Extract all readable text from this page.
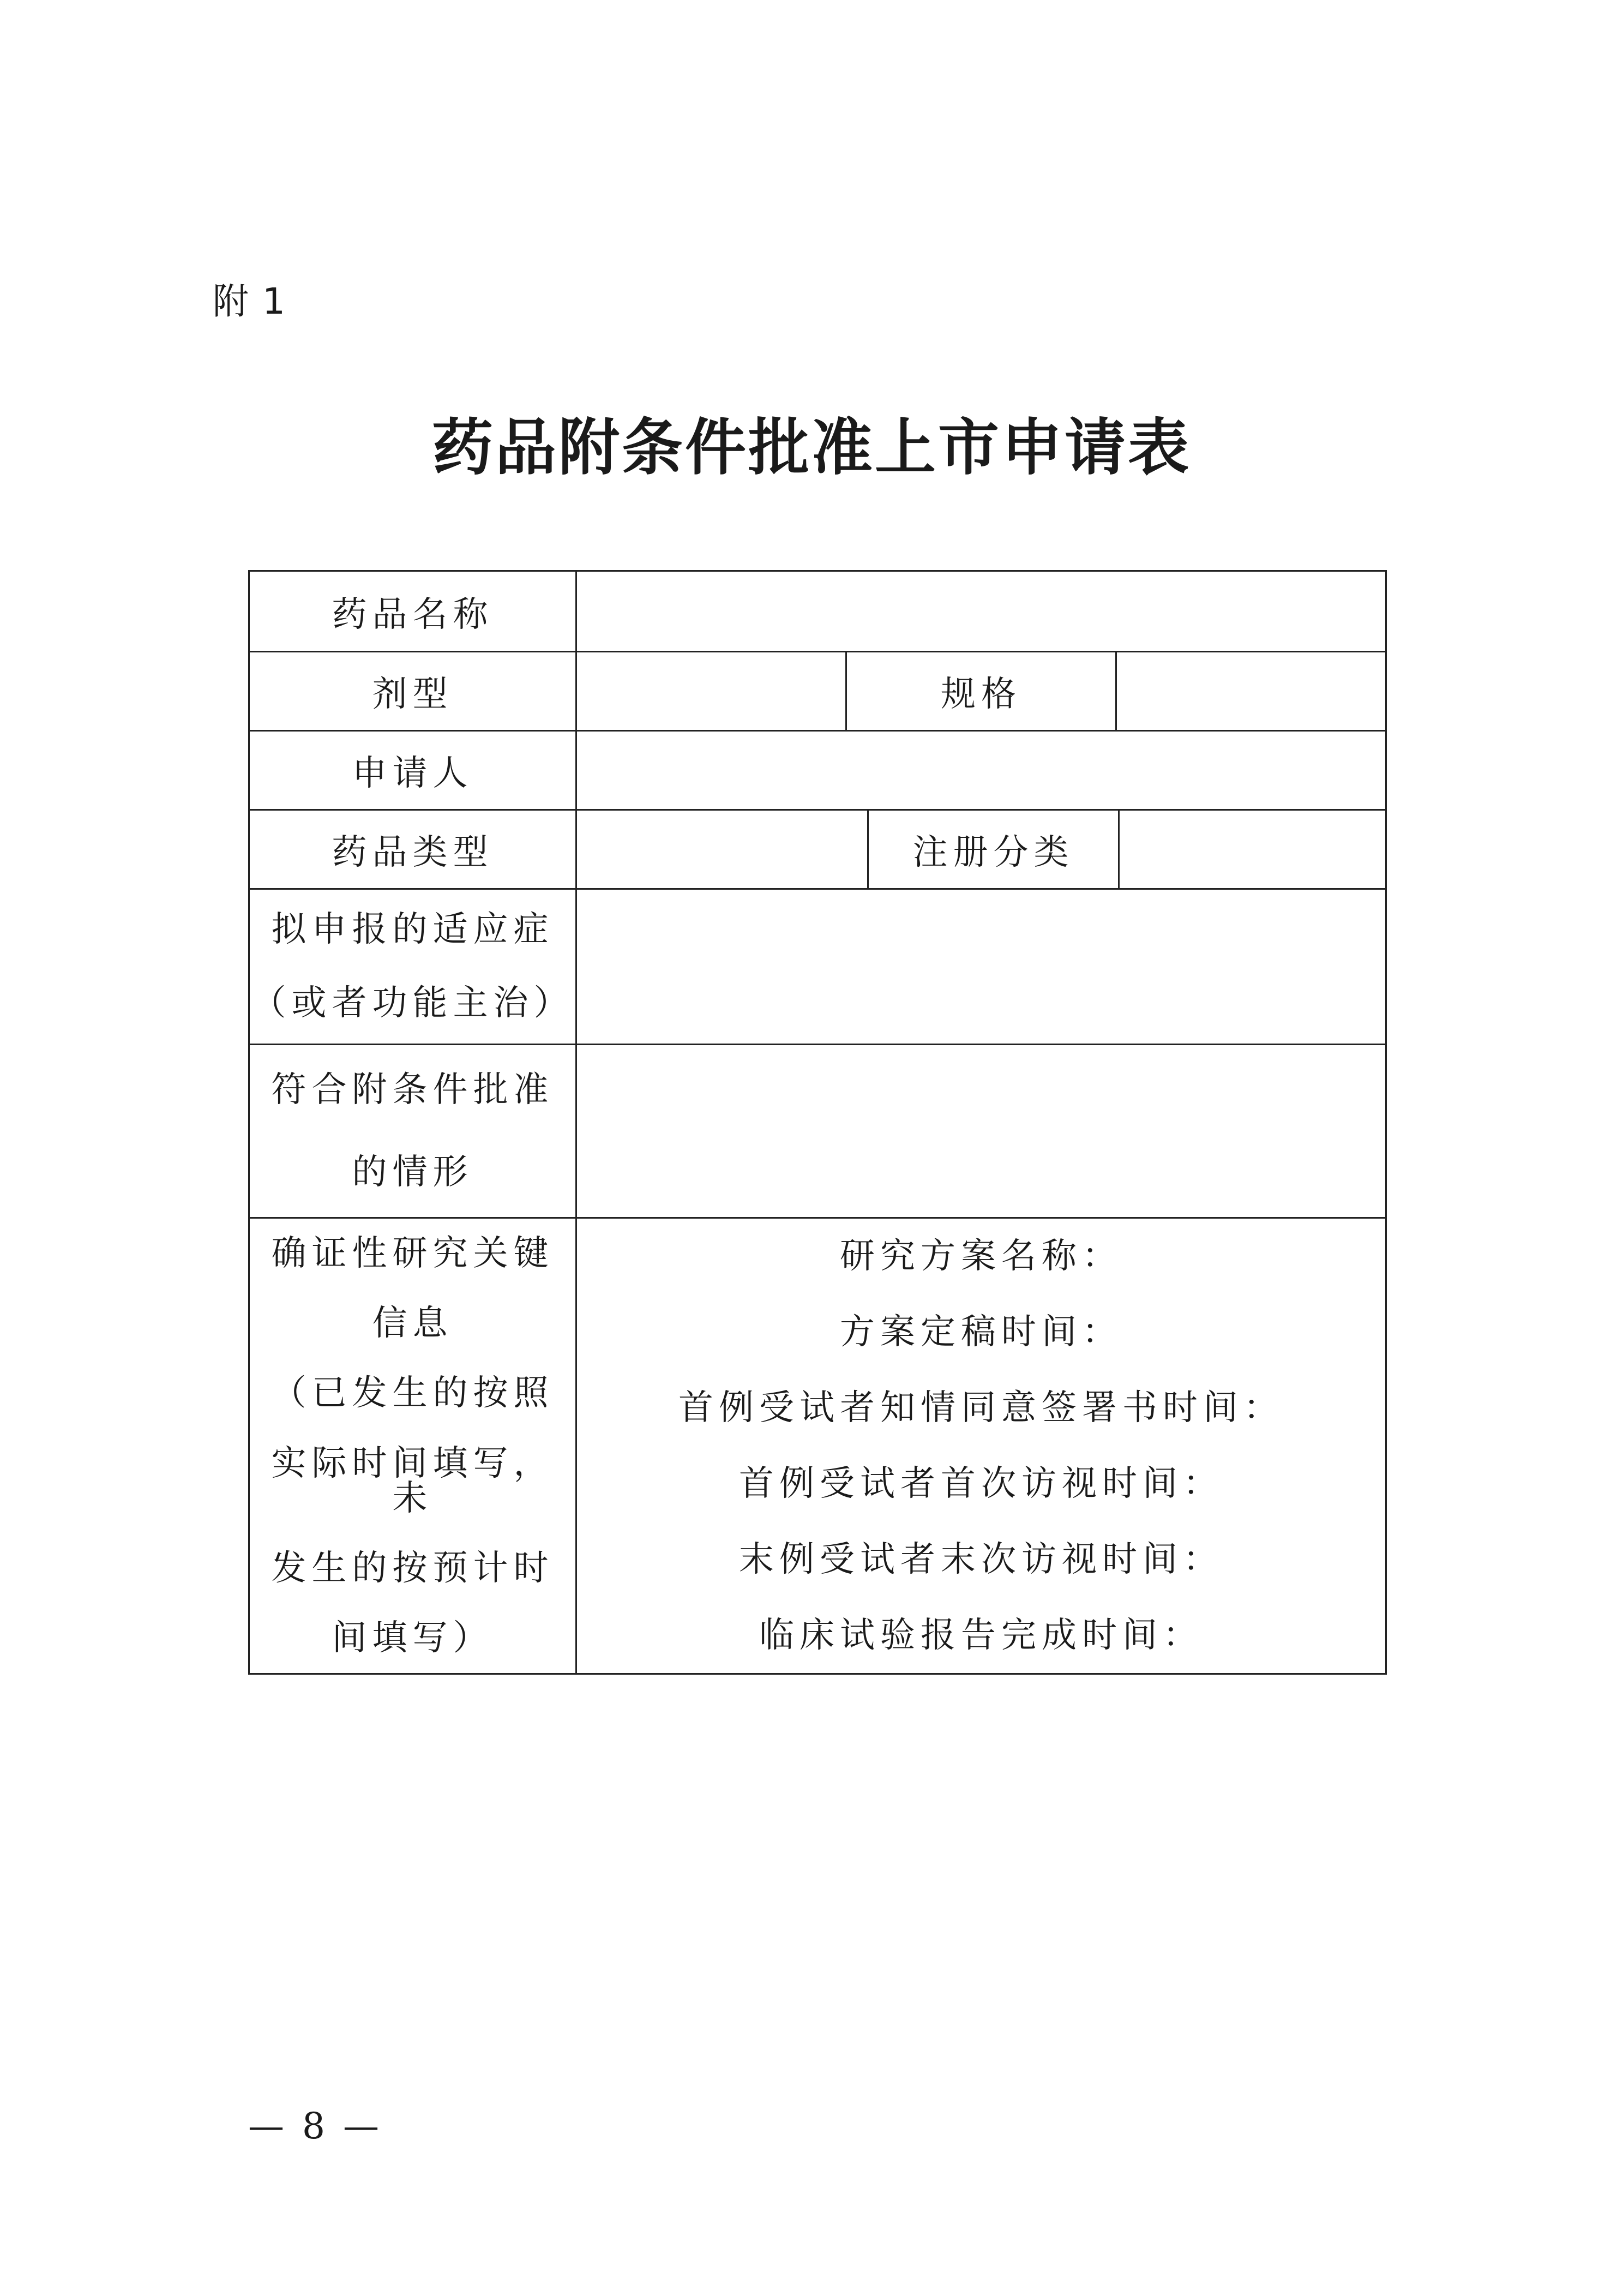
附 1
药品附条件批准上市申请表
药品名称
剂型	规格
申请人
药品类型	注册分类
拟申报的适应症
（或者功能主治）
符合附条件批准
的情形
确证性研究关键
信息
（已发生的按照
实际时间填写，未
发生的按预计时
间填写）
研究方案名称：
方案定稿时间：
首例受试者知情同意签署书时间：
首例受试者首次访视时间：
末例受试者末次访视时间：
临床试验报告完成时间：
— 8 —
